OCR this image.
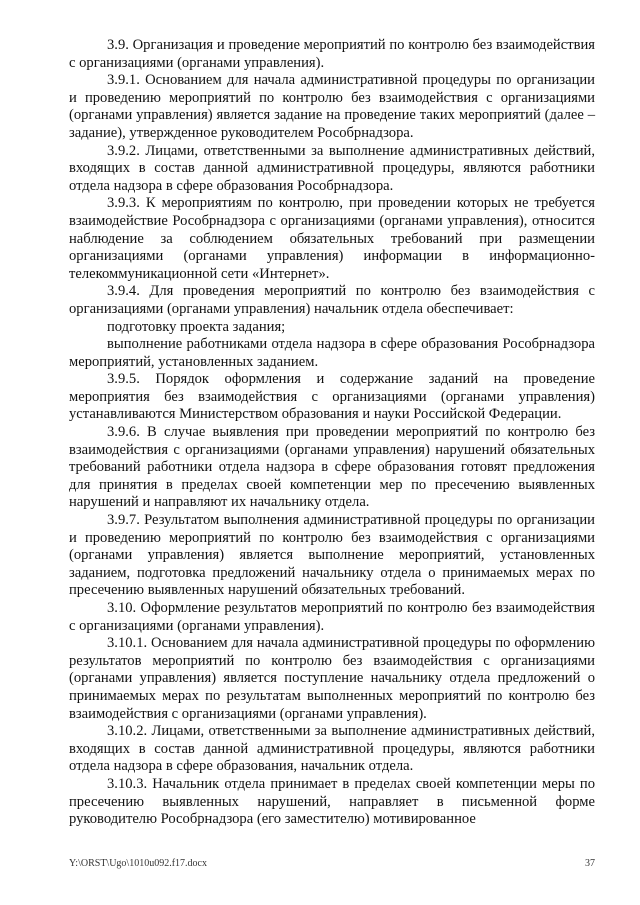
3.9. Организация и проведение мероприятий по контролю без взаимодействия с организациями (органами управления).

3.9.1. Основанием для начала административной процедуры по организации и проведению мероприятий по контролю без взаимодействия с организациями (органами управления) является задание на проведение таких мероприятий (далее – задание), утвержденное руководителем Рособрнадзора.

3.9.2. Лицами, ответственными за выполнение административных действий, входящих в состав данной административной процедуры, являются работники отдела надзора в сфере образования Рособрнадзора.

3.9.3. К мероприятиям по контролю, при проведении которых не требуется взаимодействие Рособрнадзора с организациями (органами управления), относится наблюдение за соблюдением обязательных требований при размещении организациями (органами управления) информации в информационно-телекоммуникационной сети «Интернет».

3.9.4. Для проведения мероприятий по контролю без взаимодействия с организациями (органами управления) начальник отдела обеспечивает:

подготовку проекта задания;

выполнение работниками отдела надзора в сфере образования Рособрнадзора мероприятий, установленных заданием.

3.9.5. Порядок оформления и содержание заданий на проведение мероприятия без взаимодействия с организациями (органами управления) устанавливаются Министерством образования и науки Российской Федерации.

3.9.6. В случае выявления при проведении мероприятий по контролю без взаимодействия с организациями (органами управления) нарушений обязательных требований работники отдела надзора в сфере образования готовят предложения для принятия в пределах своей компетенции мер по пресечению выявленных нарушений и направляют их начальнику отдела.

3.9.7. Результатом выполнения административной процедуры по организации и проведению мероприятий по контролю без взаимодействия с организациями (органами управления) является выполнение мероприятий, установленных заданием, подготовка предложений начальнику отдела о принимаемых мерах по пресечению выявленных нарушений обязательных требований.

3.10. Оформление результатов мероприятий по контролю без взаимодействия с организациями (органами управления).

3.10.1. Основанием для начала административной процедуры по оформлению результатов мероприятий по контролю без взаимодействия с организациями (органами управления) является поступление начальнику отдела предложений о принимаемых мерах по результатам выполненных мероприятий по контролю без взаимодействия с организациями (органами управления).

3.10.2. Лицами, ответственными за выполнение административных действий, входящих в состав данной административной процедуры, являются работники отдела надзора в сфере образования, начальник отдела.

3.10.3. Начальник отдела принимает в пределах своей компетенции меры по пресечению выявленных нарушений, направляет в письменной форме руководителю Рособрнадзора (его заместителю) мотивированное

Y:\ORST\Ugo\1010u092.f17.docx	37
